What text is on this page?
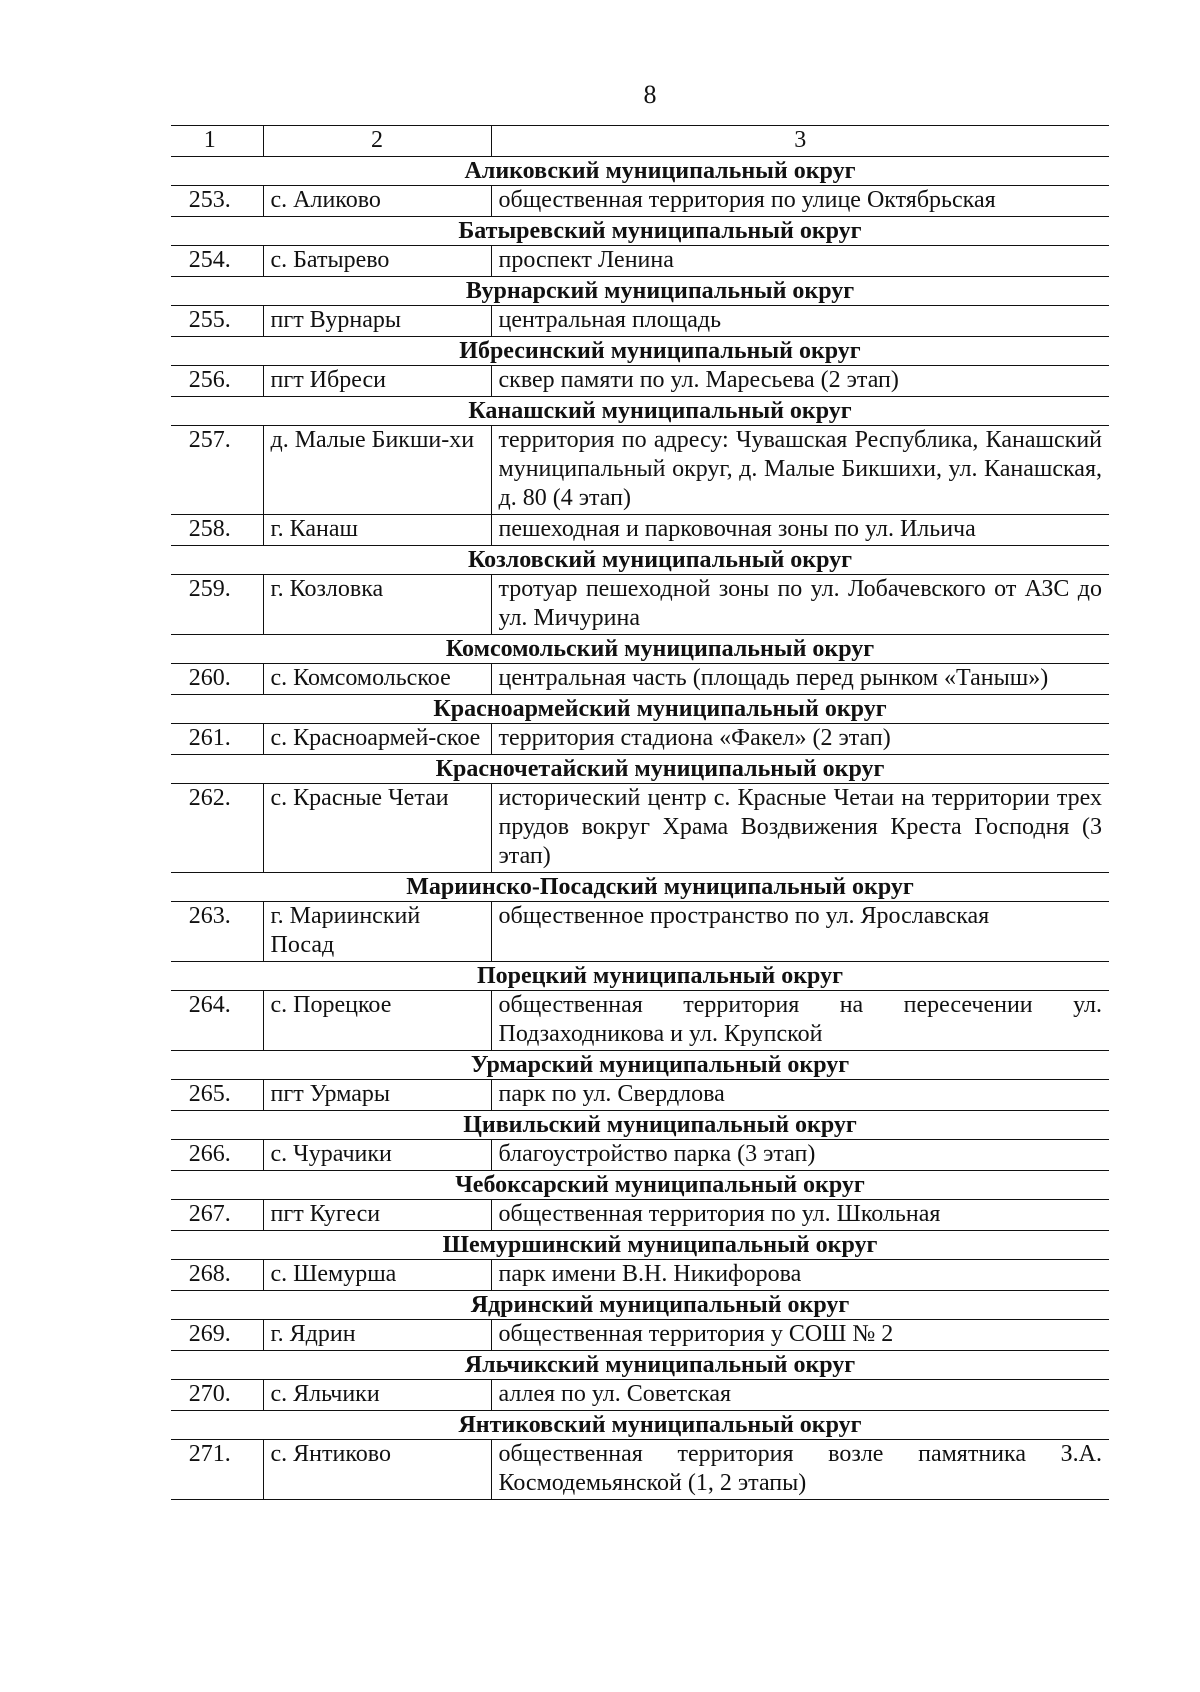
8
1	2	3
Аликовский муниципальный округ		
253.	с. Аликово	общественная территория по улице Октябрьская
Батыревский муниципальный округ		
254.	с. Батырево	проспект Ленина
Вурнарский муниципальный округ		
255.	пгт Вурнары	центральная площадь
Ибресинский муниципальный округ		
256.	пгт Ибреси	сквер памяти по ул. Маресьева (2 этап)
Канашский муниципальный округ		
257.	д. Малые Бикши-хи	территория по адресу: Чувашская Республика, Канашский муниципальный округ, д. Малые Бикшихи, ул. Канашская, д. 80 (4 этап)
258.	г. Канаш	пешеходная и парковочная зоны по ул. Ильича
Козловский муниципальный округ		
259.	г. Козловка	тротуар пешеходной зоны по ул. Лобачевского от АЗС до ул. Мичурина
Комсомольский муниципальный округ		
260.	с. Комсомольское	центральная часть (площадь перед рынком «Таныш»)
Красноармейский муниципальный округ		
261.	с. Красноармей-ское	территория стадиона «Факел» (2 этап)
Красночетайский муниципальный округ		
262.	с. Красные Четаи	исторический центр с. Красные Четаи на территории трех прудов вокруг Храма Воздвижения Креста Господня (3 этап)
Мариинско-Посадский муниципальный округ		
263.	г. Мариинский Посад	общественное пространство по ул. Ярославская
Порецкий муниципальный округ		
264.	с. Порецкое	общественная территория на пересечении ул. Подзаходникова и ул. Крупской
Урмарский муниципальный округ		
265.	пгт Урмары	парк по ул. Свердлова
Цивильский муниципальный округ		
266.	с. Чурачики	благоустройство парка (3 этап)
Чебоксарский муниципальный округ		
267.	пгт Кугеси	общественная территория по ул. Школьная
Шемуршинский муниципальный округ		
268.	с. Шемурша	парк имени В.Н. Никифорова
Ядринский муниципальный округ		
269.	г. Ядрин	общественная территория у СОШ № 2
Яльчикский муниципальный округ		
270.	с. Яльчики	аллея по ул. Советская
Янтиковский муниципальный округ		
271.	с. Янтиково	общественная территория возле памятника З.А. Космодемьянской (1, 2 этапы)
